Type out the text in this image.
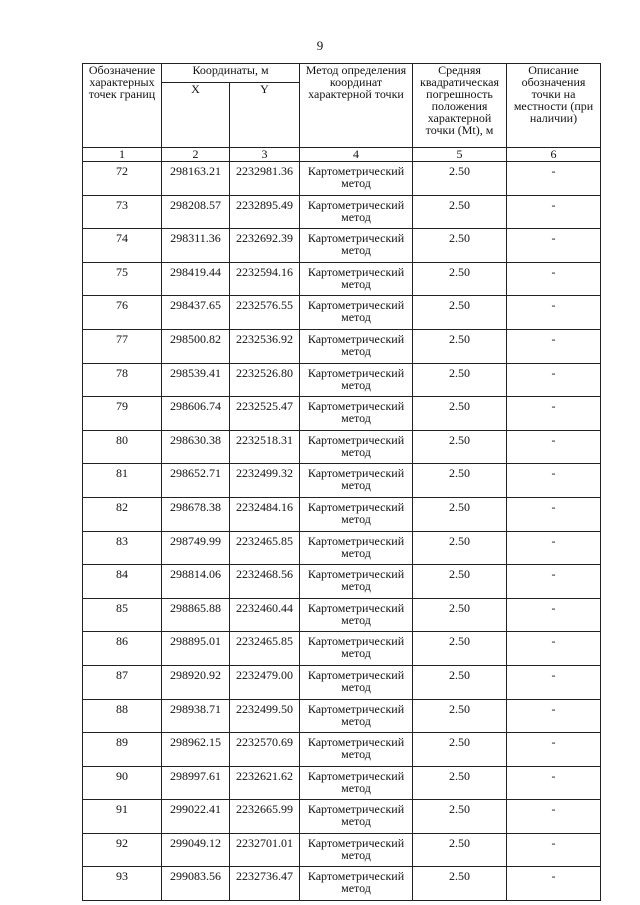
9
Обозначение характерных точек границ	Координаты, м		Метод определения координат характерной точки	Средняя квадратическая погрешность положения характерной точки (Mt), м	Описание обозначения точки на местности (при наличии)
	X	Y			
1	2	3	4	5	6
72	298163.21	2232981.36	Картометрический метод	2.50	-
73	298208.57	2232895.49	Картометрический метод	2.50	-
74	298311.36	2232692.39	Картометрический метод	2.50	-
75	298419.44	2232594.16	Картометрический метод	2.50	-
76	298437.65	2232576.55	Картометрический метод	2.50	-
77	298500.82	2232536.92	Картометрический метод	2.50	-
78	298539.41	2232526.80	Картометрический метод	2.50	-
79	298606.74	2232525.47	Картометрический метод	2.50	-
80	298630.38	2232518.31	Картометрический метод	2.50	-
81	298652.71	2232499.32	Картометрический метод	2.50	-
82	298678.38	2232484.16	Картометрический метод	2.50	-
83	298749.99	2232465.85	Картометрический метод	2.50	-
84	298814.06	2232468.56	Картометрический метод	2.50	-
85	298865.88	2232460.44	Картометрический метод	2.50	-
86	298895.01	2232465.85	Картометрический метод	2.50	-
87	298920.92	2232479.00	Картометрический метод	2.50	-
88	298938.71	2232499.50	Картометрический метод	2.50	-
89	298962.15	2232570.69	Картометрический метод	2.50	-
90	298997.61	2232621.62	Картометрический метод	2.50	-
91	299022.41	2232665.99	Картометрический метод	2.50	-
92	299049.12	2232701.01	Картометрический метод	2.50	-
93	299083.56	2232736.47	Картометрический метод	2.50	-
